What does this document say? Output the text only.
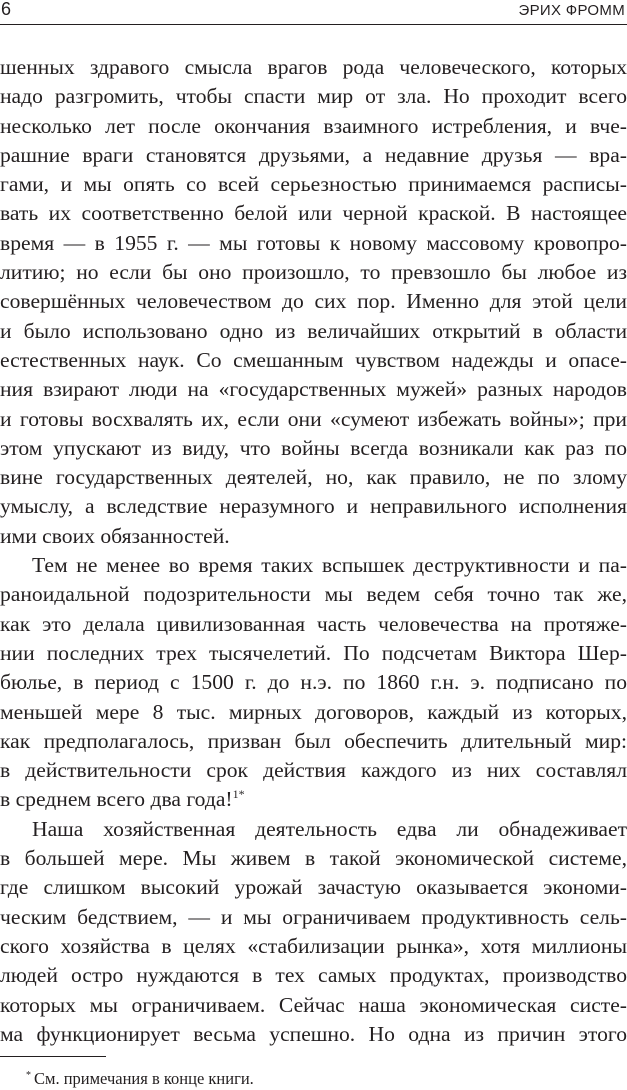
6	ЭРИХ ФРОММ

шенных здравого смысла врагов рода человеческого, которых
надо разгромить, чтобы спасти мир от зла. Но проходит всего
несколько лет после окончания взаимного истребления, и вче-
рашние враги становятся друзьями, а недавние друзья — вра-
гами, и мы опять со всей серьезностью принимаемся расписы-
вать их соответственно белой или черной краской. В настоящее
время — в 1955 г. — мы готовы к новому массовому кровопро-
литию; но если бы оно произошло, то превзошло бы любое из
совершённых человечеством до сих пор. Именно для этой цели
и было использовано одно из величайших открытий в области
естественных наук. Со смешанным чувством надежды и опасе-
ния взирают люди на «государственных мужей» разных народов
и готовы восхвалять их, если они «сумеют избежать войны»; при
этом упускают из виду, что войны всегда возникали как раз по
вине государственных деятелей, но, как правило, не по злому
умыслу, а вследствие неразумного и неправильного исполнения
ими своих обязанностей.

Тем не менее во время таких вспышек деструктивности и па-
раноидальной подозрительности мы ведем себя точно так же,
как это делала цивилизованная часть человечества на протяже-
нии последних трех тысячелетий. По подсчетам Виктора Шер-
бюлье, в период с 1500 г. до н.э. по 1860 г.н. э. подписано по
меньшей мере 8 тыс. мирных договоров, каждый из которых,
как предполагалось, призван был обеспечить длительный мир:
в действительности срок действия каждого из них составлял
в среднем всего два года!$^{1*}$

Наша хозяйственная деятельность едва ли обнадеживает
в большей мере. Мы живем в такой экономической системе,
где слишком высокий урожай зачастую оказывается экономи-
ческим бедствием, — и мы ограничиваем продуктивность сель-
ского хозяйства в целях «стабилизации рынка», хотя миллионы
людей остро нуждаются в тех самых продуктах, производство
которых мы ограничиваем. Сейчас наша экономическая систе-
ма функционирует весьма успешно. Но одна из причин этого

* См. примечания в конце книги.
